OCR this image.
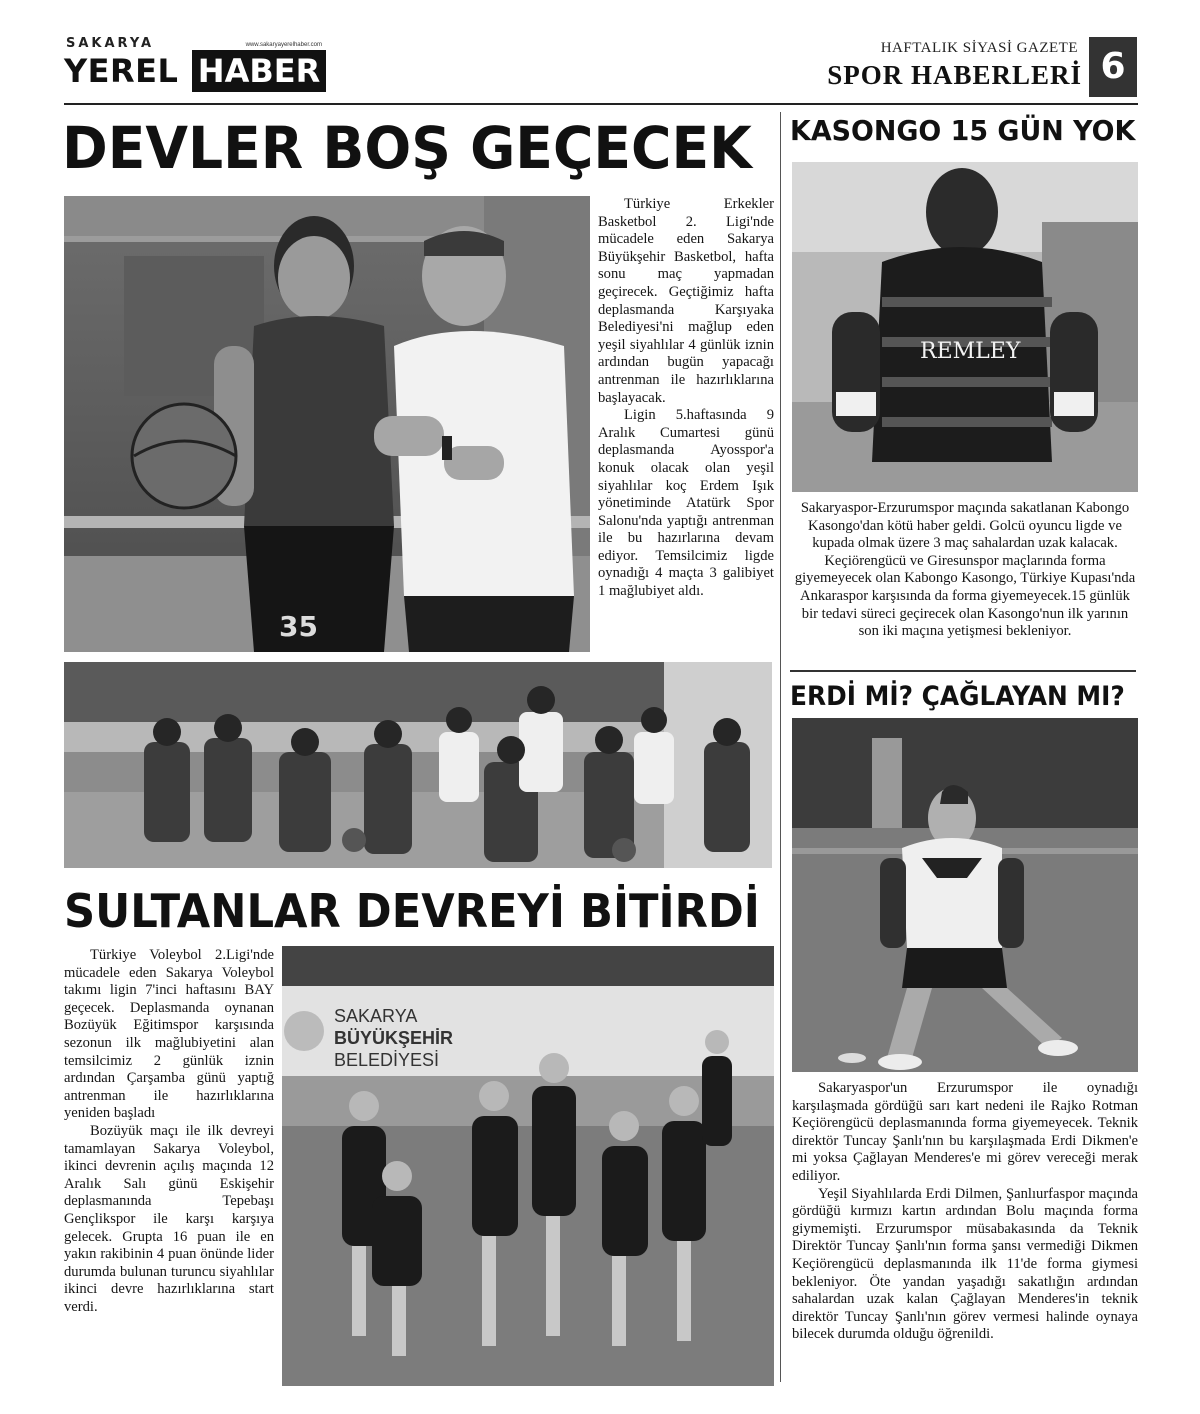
SAKARYA	www.sakaryayerelhaber.com
YEREL HABER
HAFTALIK SİYASİ GAZETE
SPOR HABERLERİ 6
DEVLER BOŞ GEÇECEK
35

Türkiye Erkekler Basketbol 2. Ligi'nde mücadele eden Sakarya Büyükşehir Basketbol, hafta sonu maç yapmadan geçirecek. Geçtiğimiz hafta deplasmanda Karşıyaka Belediyesi'ni mağlup eden yeşil siyahlılar 4 günlük iznin ardından bugün yapacağı antrenman ile hazırlıklarına başlayacak.

Ligin 5.haftasında 9 Aralık Cumartesi günü deplasmanda Ayosspor'a konuk olacak olan yeşil siyahlılar koç Erdem Işık yönetiminde Atatürk Spor Salonu'nda yaptığı antrenman ile bu hazırlarına devam ediyor. Temsilcimiz ligde oynadığı 4 maçta 3 galibiyet 1 mağlubiyet aldı.

KASONGO 15 GÜN YOK
REMLEY

Sakaryaspor-Erzurumspor maçında sakatlanan Kabongo Kasongo'dan kötü haber geldi. Golcü oyuncu ligde ve kupada olmak üzere 3 maç sahalardan uzak kalacak. Keçiörengücü ve Giresunspor maçlarında forma giyemeyecek olan Kabongo Kasongo, Türkiye Kupası'nda Ankaraspor karşısında da forma giyemeyecek.15 günlük bir tedavi süreci geçirecek olan Kasongo'nun ilk yarının son iki maçına yetişmesi bekleniyor.

ERDİ Mİ? ÇAĞLAYAN MI?

Sakaryaspor'un Erzurumspor ile oynadığı karşılaşmada gördüğü sarı kart nedeni ile Rajko Rotman Keçiörengücü deplasmanında forma giyemeyecek. Teknik direktör Tuncay Şanlı'nın bu karşılaşmada Erdi Dikmen'e mi yoksa Çağlayan Menderes'e mi görev vereceği merak ediliyor.

Yeşil Siyahlılarda Erdi Dilmen, Şanlıurfaspor maçında gördüğü kırmızı kartın ardından Bolu maçında forma giymemişti. Erzurumspor müsabakasında da Teknik Direktör Tuncay Şanlı'nın forma şansı vermediği Dikmen Keçiörengücü deplasmanında ilk 11'de forma giymesi bekleniyor. Öte yandan yaşadığı sakatlığın ardından sahalardan uzak kalan Çağlayan Menderes'in teknik direktör Tuncay Şanlı'nın görev vermesi halinde oynaya bilecek durumda olduğu öğrenildi.

SULTANLAR DEVREYİ BİTİRDİ

Türkiye Voleybol 2.Ligi'nde mücadele eden Sakarya Voleybol takımı ligin 7'inci haftasını BAY geçecek. Deplasmanda oynanan Bozüyük Eğitimspor karşısında sezonun ilk mağlubiyetini alan temsilcimiz 2 günlük iznin ardından Çarşamba günü yaptığ antrenman ile hazırlıklarına yeniden başladı

Bozüyük maçı ile ilk devreyi tamamlayan Sakarya Voleybol, ikinci devrenin açılış maçında 12 Aralık Salı günü Eskişehir deplasmanında Tepebaşı Gençlikspor ile karşı karşıya gelecek. Grupta 16 puan ile en yakın rakibinin 4 puan önünde lider durumda bulunan turuncu siyahlılar ikinci devre hazırlıklarına start verdi.

SAKARYA
BÜYÜKŞEHİR
BELEDİYESİ
